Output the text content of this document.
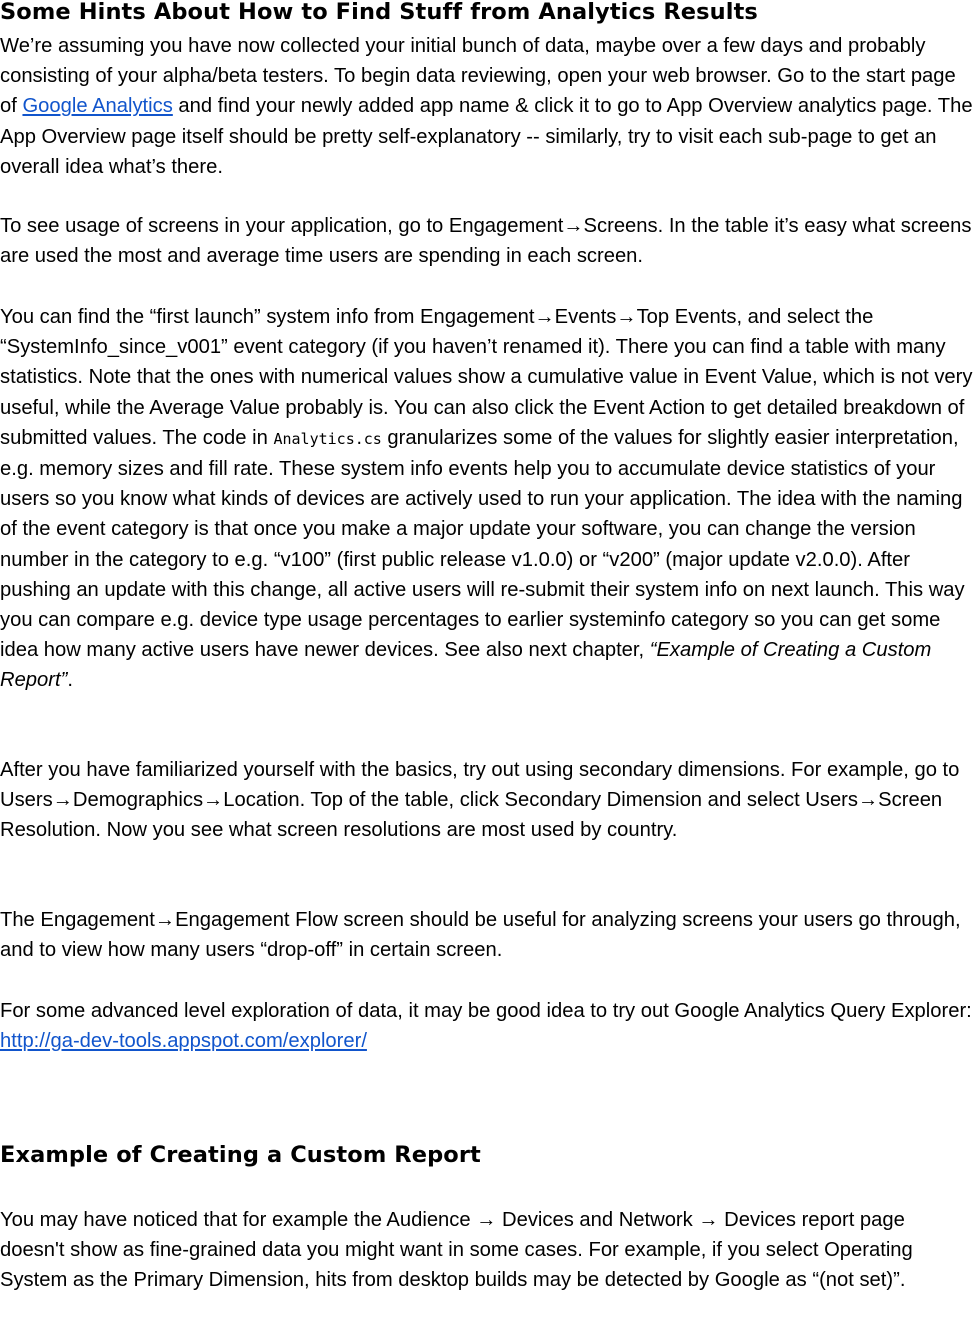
Some Hints About How to Find Stuff from Analytics Results

We’re assuming you have now collected your initial bunch of data, maybe over a few days and probably consisting of your alpha/beta testers. To begin data reviewing, open your web browser. Go to the start page of Google Analytics and find your newly added app name & click it to go to App Overview analytics page. The App Overview page itself should be pretty self-explanatory -- similarly, try to visit each sub-page to get an overall idea what’s there.

To see usage of screens in your application, go to Engagement→Screens. In the table it’s easy what screens are used the most and average time users are spending in each screen.

You can find the “first launch” system info from Engagement→Events→Top Events, and select the “SystemInfo_since_v001” event category (if you haven’t renamed it). There you can find a table with many statistics. Note that the ones with numerical values show a cumulative value in Event Value, which is not very useful, while the Average Value probably is. You can also click the Event Action to get detailed breakdown of submitted values. The code in Analytics.cs granularizes some of the values for slightly easier interpretation, e.g. memory sizes and fill rate. These system info events help you to accumulate device statistics of your users so you know what kinds of devices are actively used to run your application. The idea with the naming of the event category is that once you make a major update your software, you can change the version number in the category to e.g. “v100” (first public release v1.0.0) or “v200” (major update v2.0.0). After pushing an update with this change, all active users will re-submit their system info on next launch. This way you can compare e.g. device type usage percentages to earlier systeminfo category so you can get some idea how many active users have newer devices. See also next chapter, “Example of Creating a Custom Report”.

After you have familiarized yourself with the basics, try out using secondary dimensions. For example, go to Users→Demographics→Location. Top of the table, click Secondary Dimension and select Users→Screen Resolution. Now you see what screen resolutions are most used by country.

The Engagement→Engagement Flow screen should be useful for analyzing screens your users go through, and to view how many users “drop-off” in certain screen.

For some advanced level exploration of data, it may be good idea to try out Google Analytics Query Explorer: http://ga-dev-tools.appspot.com/explorer/

Example of Creating a Custom Report

You may have noticed that for example the Audience → Devices and Network → Devices report page doesn't show as fine-grained data you might want in some cases. For example, if you select Operating System as the Primary Dimension, hits from desktop builds may be detected by Google as “(not set)”.
